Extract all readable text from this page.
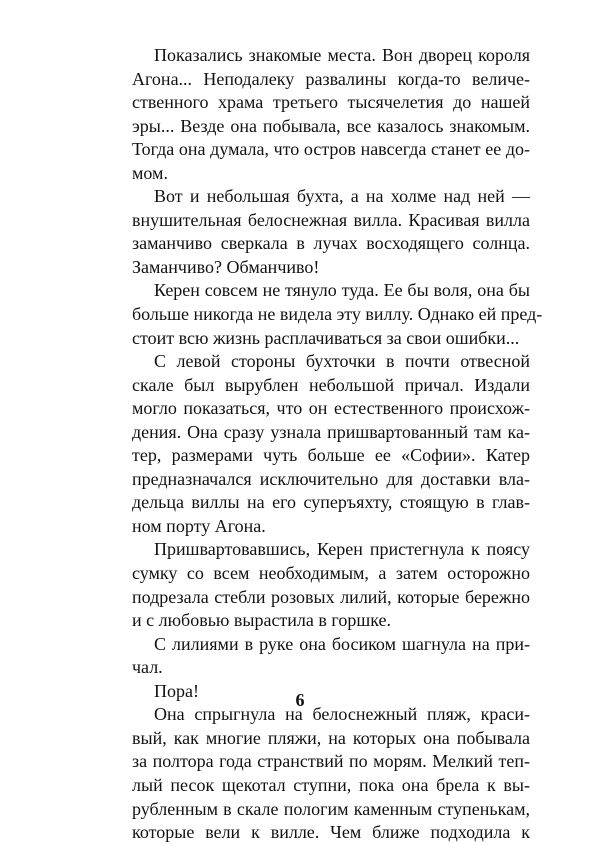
Показались знакомые места. Вон дворец короля
Агона... Неподалеку развалины когда-то величе-
ственного храма третьего тысячелетия до нашей
эры... Везде она побывала, все казалось знакомым.
Тогда она думала, что остров навсегда станет ее до-
мом.
Вот и небольшая бухта, а на холме над ней —
внушительная белоснежная вилла. Красивая вилла
заманчиво сверкала в лучах восходящего солнца.
Заманчиво? Обманчиво!
Керен совсем не тянуло туда. Ее бы воля, она бы
больше никогда не видела эту виллу. Однако ей пред-
стоит всю жизнь расплачиваться за свои ошибки...
С левой стороны бухточки в почти отвесной
скале был вырублен небольшой причал. Издали
могло показаться, что он естественного происхож-
дения. Она сразу узнала пришвартованный там ка-
тер, размерами чуть больше ее «Софии». Катер
предназначался исключительно для доставки вла-
дельца виллы на его суперъяхту, стоящую в глав-
ном порту Агона.
Пришвартовавшись, Керен пристегнула к поясу
сумку со всем необходимым, а затем осторожно
подрезала стебли розовых лилий, которые бережно
и с любовью вырастила в горшке.
С лилиями в руке она босиком шагнула на при-
чал.
Пора!
Она спрыгнула на белоснежный пляж, краси-
вый, как многие пляжи, на которых она побывала
за полтора года странствий по морям. Мелкий теп-
лый песок щекотал ступни, пока она брела к вы-
рубленным в скале пологим каменным ступенькам,
которые вели к вилле. Чем ближе подходила к
6
